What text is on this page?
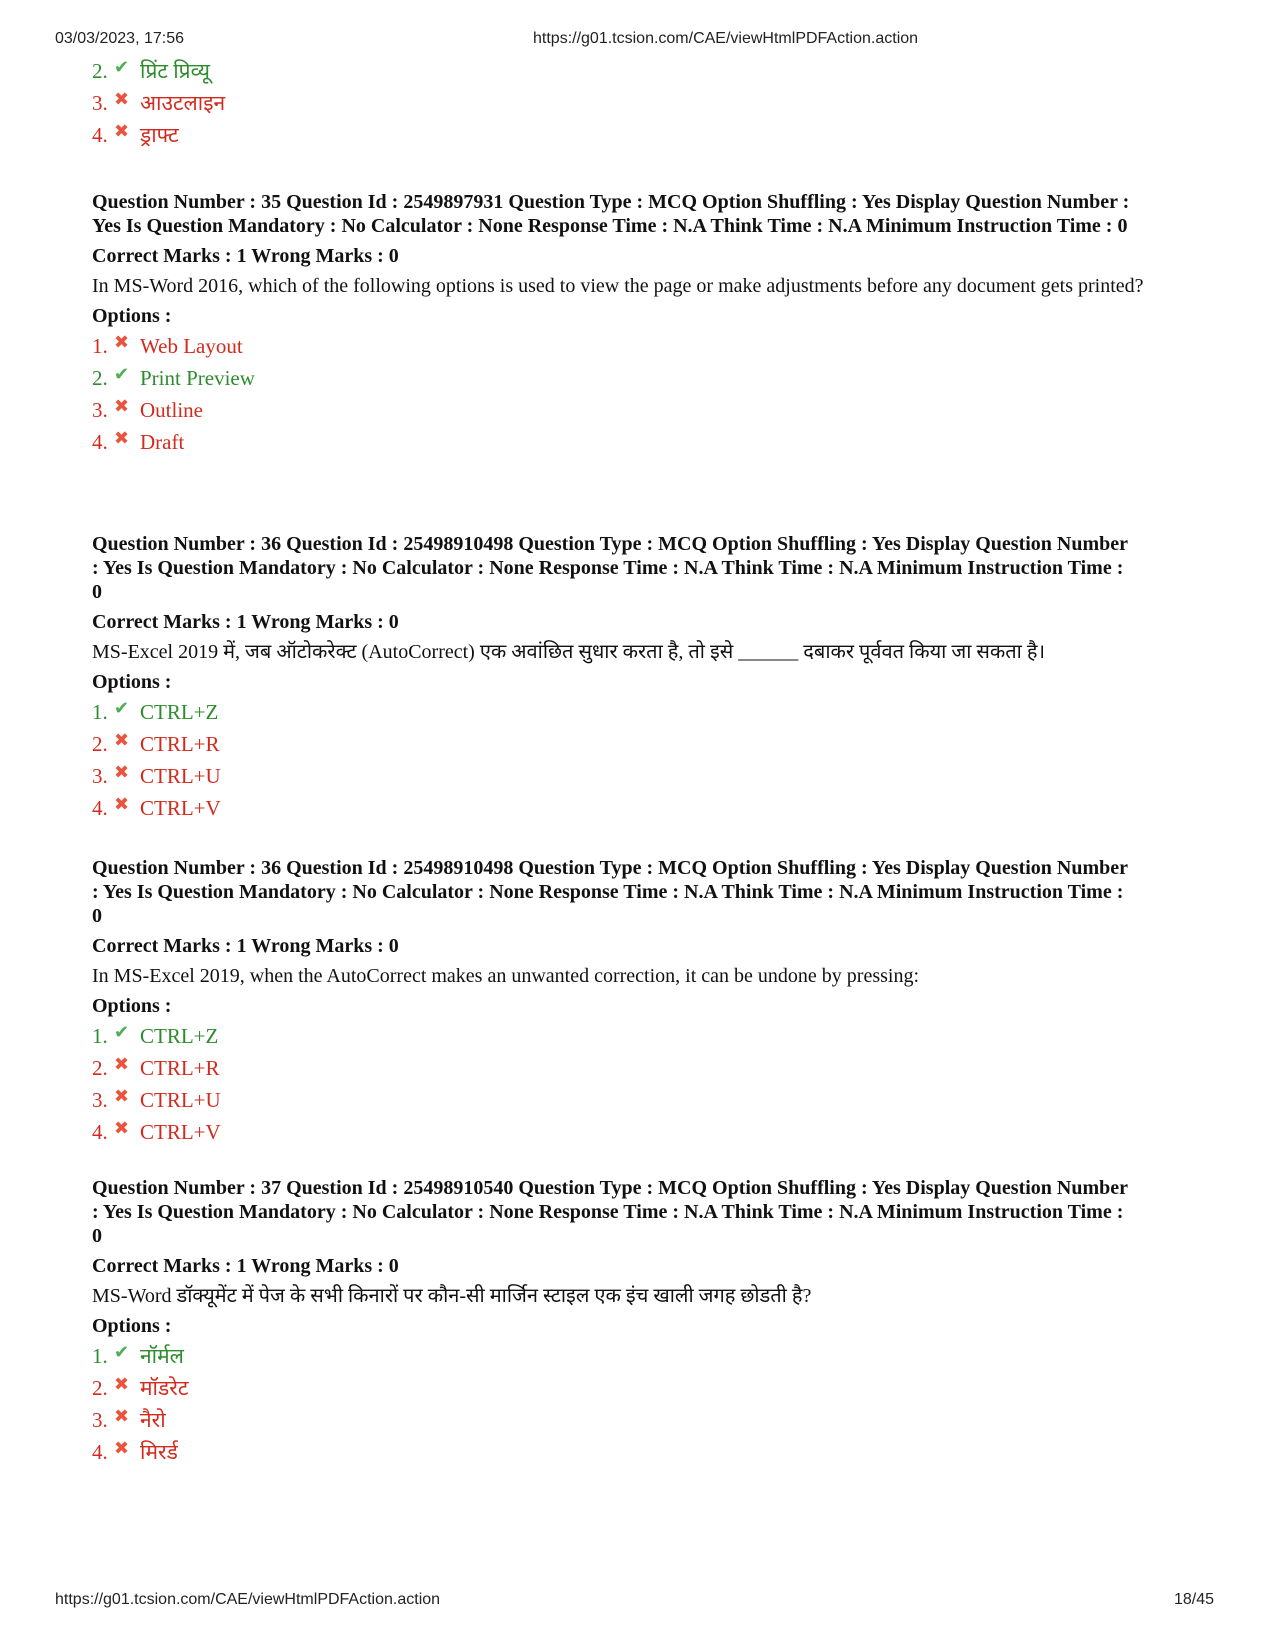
03/03/2023, 17:56	https://g01.tcsion.com/CAE/viewHtmlPDFAction.action
2. ✔ प्रिंट प्रिव्यू
3. ✖ आउटलाइन
4. ✖ ड्राफ्ट

Question Number : 35 Question Id : 2549897931 Question Type : MCQ Option Shuffling : Yes Display Question Number : Yes Is Question Mandatory : No Calculator : None Response Time : N.A Think Time : N.A Minimum Instruction Time : 0

Correct Marks : 1 Wrong Marks : 0
In MS-Word 2016, which of the following options is used to view the page or make adjustments before any document gets printed?
Options :
1. ✖ Web Layout
2. ✔ Print Preview
3. ✖ Outline
4. ✖ Draft

Question Number : 36 Question Id : 25498910498 Question Type : MCQ Option Shuffling : Yes Display Question Number : Yes Is Question Mandatory : No Calculator : None Response Time : N.A Think Time : N.A Minimum Instruction Time : 0

Correct Marks : 1 Wrong Marks : 0
MS-Excel 2019 में, जब ऑटोकरेक्ट (AutoCorrect) एक अवांछित सुधार करता है, तो इसे ______ दबाकर पूर्ववत किया जा सकता है।
Options :
1. ✔ CTRL+Z
2. ✖ CTRL+R
3. ✖ CTRL+U
4. ✖ CTRL+V

Question Number : 36 Question Id : 25498910498 Question Type : MCQ Option Shuffling : Yes Display Question Number : Yes Is Question Mandatory : No Calculator : None Response Time : N.A Think Time : N.A Minimum Instruction Time : 0

Correct Marks : 1 Wrong Marks : 0
In MS-Excel 2019, when the AutoCorrect makes an unwanted correction, it can be undone by pressing:
Options :
1. ✔ CTRL+Z
2. ✖ CTRL+R
3. ✖ CTRL+U
4. ✖ CTRL+V

Question Number : 37 Question Id : 25498910540 Question Type : MCQ Option Shuffling : Yes Display Question Number : Yes Is Question Mandatory : No Calculator : None Response Time : N.A Think Time : N.A Minimum Instruction Time : 0

Correct Marks : 1 Wrong Marks : 0
MS-Word डॉक्यूमेंट में पेज के सभी किनारों पर कौन-सी मार्जिन स्टाइल एक इंच खाली जगह छोडती है?
Options :
1. ✔ नॉर्मल
2. ✖ मॉडरेट
3. ✖ नैरो
4. ✖ मिरर्ड
https://g01.tcsion.com/CAE/viewHtmlPDFAction.action	18/45
